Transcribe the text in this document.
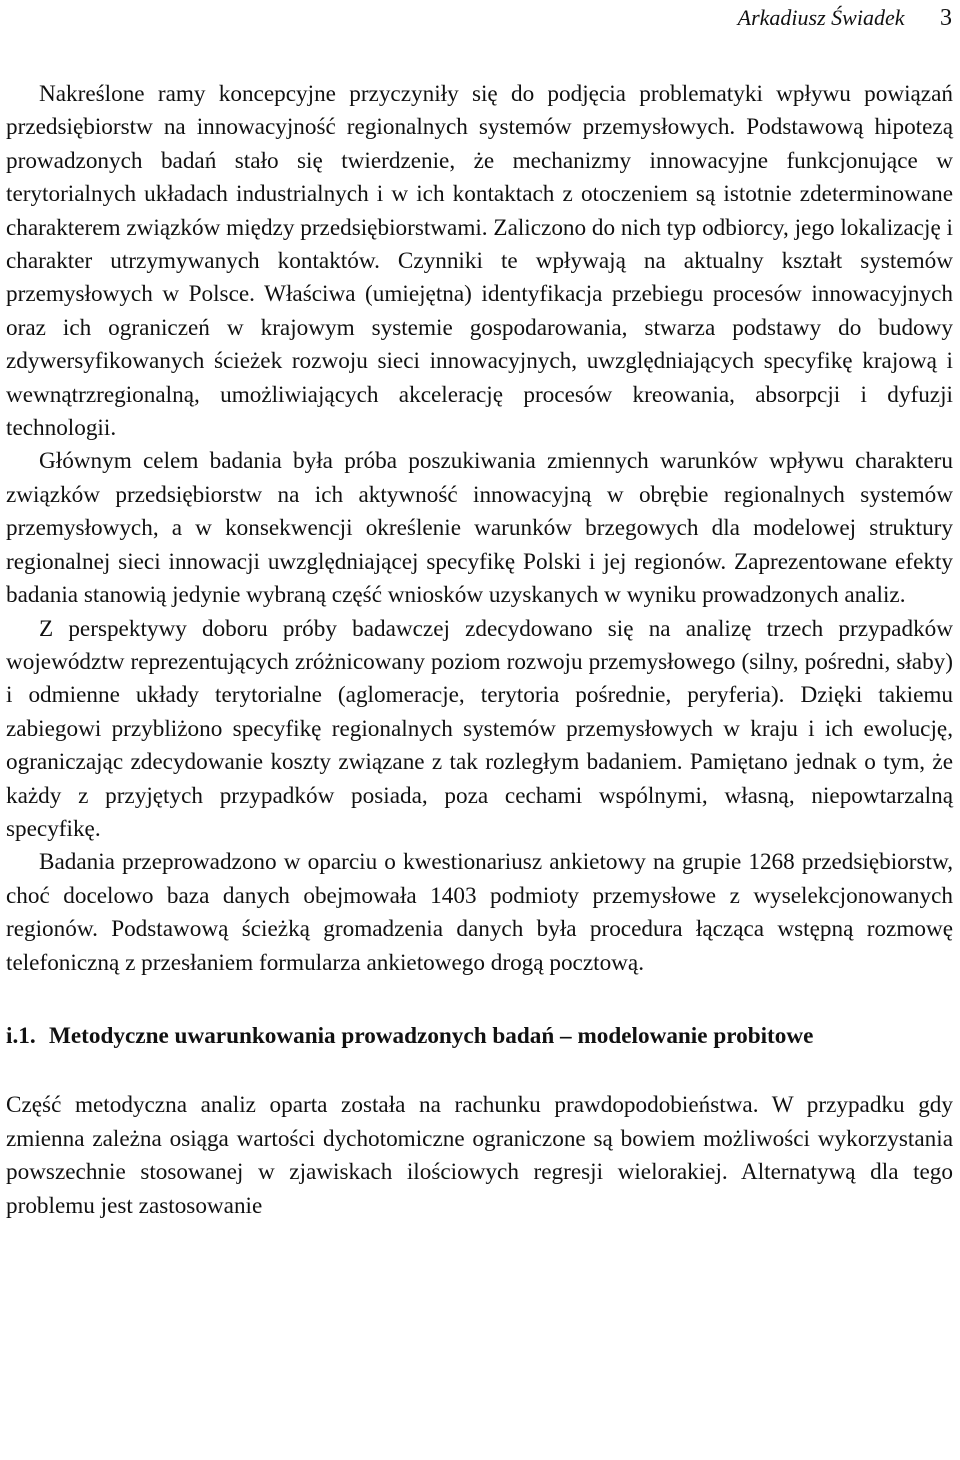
Arkadiusz Świadek 3

Nakreślone ramy koncepcyjne przyczyniły się do podjęcia problematyki wpływu powiązań przedsiębiorstw na innowacyjność regionalnych systemów przemysłowych. Podstawową hipotezą prowadzonych badań stało się twierdzenie, że mechanizmy innowacyjne funkcjonujące w terytorialnych układach industrialnych i w ich kontaktach z otoczeniem są istotnie zdeterminowane charakterem związków między przedsiębiorstwami. Zaliczono do nich typ odbiorcy, jego lokalizację i charakter utrzymywanych kontaktów. Czynniki te wpływają na aktualny kształt systemów przemysłowych w Polsce. Właściwa (umiejętna) identyfikacja przebiegu procesów innowacyjnych oraz ich ograniczeń w krajowym systemie gospodarowania, stwarza podstawy do budowy zdywersyfikowanych ścieżek rozwoju sieci innowacyjnych, uwzględniających specyfikę krajową i wewnątrzregionalną, umożliwiających akcelerację procesów kreowania, absorpcji i dyfuzji technologii.

Głównym celem badania była próba poszukiwania zmiennych warunków wpływu charakteru związków przedsiębiorstw na ich aktywność innowacyjną w obrębie regionalnych systemów przemysłowych, a w konsekwencji określenie warunków brzegowych dla modelowej struktury regionalnej sieci innowacji uwzględniającej specyfikę Polski i jej regionów. Zaprezentowane efekty badania stanowią jedynie wybraną część wniosków uzyskanych w wyniku prowadzonych analiz.

Z perspektywy doboru próby badawczej zdecydowano się na analizę trzech przypadków województw reprezentujących zróżnicowany poziom rozwoju przemysłowego (silny, pośredni, słaby) i odmienne układy terytorialne (aglomeracje, terytoria pośrednie, peryferia). Dzięki takiemu zabiegowi przybliżono specyfikę regionalnych systemów przemysłowych w kraju i ich ewolucję, ograniczając zdecydowanie koszty związane z tak rozległym badaniem. Pamiętano jednak o tym, że każdy z przyjętych przypadków posiada, poza cechami wspólnymi, własną, niepowtarzalną specyfikę.

Badania przeprowadzono w oparciu o kwestionariusz ankietowy na grupie 1268 przedsiębiorstw, choć docelowo baza danych obejmowała 1403 podmioty przemysłowe z wyselekcjonowanych regionów. Podstawową ścieżką gromadzenia danych była procedura łącząca wstępną rozmowę telefoniczną z przesłaniem formularza ankietowego drogą pocztową.

i.1. Metodyczne uwarunkowania prowadzonych badań – modelowanie probitowe

Część metodyczna analiz oparta została na rachunku prawdopodobieństwa. W przypadku gdy zmienna zależna osiąga wartości dychotomiczne ograniczone są bowiem możliwości wykorzystania powszechnie stosowanej w zjawiskach ilościowych regresji wielorakiej. Alternatywą dla tego problemu jest zastosowanie
